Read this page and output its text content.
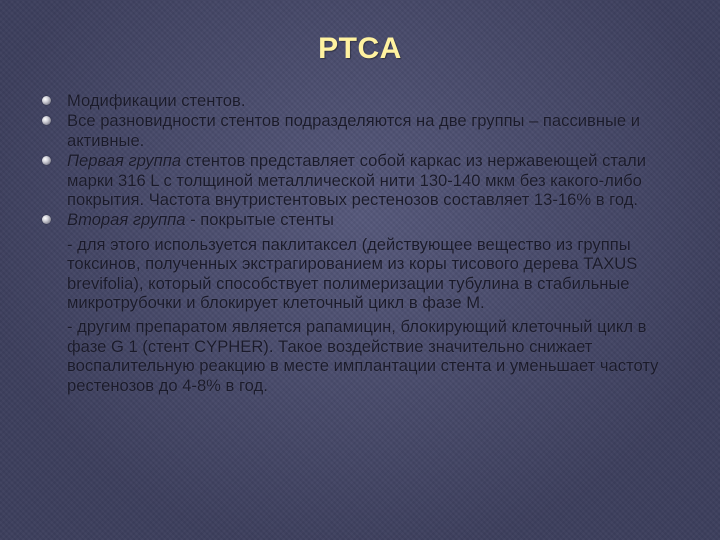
PTCA
Модификации стентов.
Все разновидности стентов подразделяются на две группы – пассивные и активные.
Первая группа стентов представляет собой каркас из нержавеющей стали марки 316 L с толщиной металлической нити 130-140 мкм без какого-либо покрытия. Частота внутристентовых рестенозов составляет 13-16% в год.
Вторая группа - покрытые стенты
- для этого используется паклитаксел (действующее вещество из группы токсинов, полученных экстрагированием из коры тисового дерева TAXUS brevifolia), который способствует полимеризации тубулина в стабильные микротрубочки и блокирует клеточный цикл в фазе М.
- другим препаратом является рапамицин, блокирующий клеточный цикл в фазе G 1 (стент CYPHER). Такое воздействие значительно снижает воспалительную реакцию в месте имплантации стента и уменьшает частоту рестенозов до 4-8% в год.
